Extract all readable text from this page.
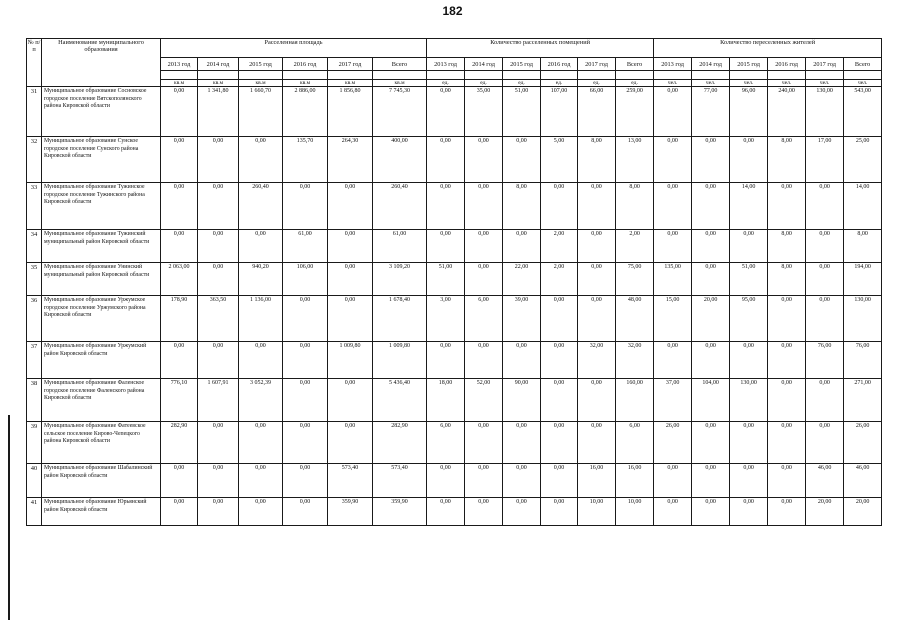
182
№ п/п	Наименование муниципального образования	Расселенная площадь						Количество расселенных помещений						Количество переселенных жителей					
		2013 год	2014 год	2015 год	2016 год	2017 год	Всего	2013 год	2014 год	2015 год	2016 год	2017 год	Всего	2013 год	2014 год	2015 год	2016 год	2017 год	Всего

		кв.м	кв.м	кв.м	кв.м	кв.м	кв.м	ед.	ед.	ед.	ед.	ед.	ед.	чел.	чел.	чел.	чел.	чел.	чел.
31	Муниципальное образование Сосновское городское поселение Вятскополянского района Кировской области	0,00	1 341,80	1 660,70	2 886,00	1 856,80	7 745,30	0,00	35,00	51,00	107,00	66,00	259,00	0,00	77,00	96,00	240,00	130,00	543,00
32	Муниципальное образование Сунское городское поселение Сунского района Кировской области	0,00	0,00	0,00	135,70	264,30	400,00	0,00	0,00	0,00	5,00	8,00	13,00	0,00	0,00	0,00	8,00	17,00	25,00
33	Муниципальное образование Тужинское городское поселение Тужинского района Кировской области	0,00	0,00	260,40	0,00	0,00	260,40	0,00	0,00	8,00	0,00	0,00	8,00	0,00	0,00	14,00	0,00	0,00	14,00
34	Муниципальное образование Тужинский муниципальный район Кировской области	0,00	0,00	0,00	61,00	0,00	61,00	0,00	0,00	0,00	2,00	0,00	2,00	0,00	0,00	0,00	8,00	0,00	8,00
35	Муниципальное образование Унинский муниципальный район Кировской области	2 063,00	0,00	940,20	106,00	0,00	3 109,20	51,00	0,00	22,00	2,00	0,00	75,00	135,00	0,00	51,00	8,00	0,00	194,00
36	Муниципальное образование Уржумское городское поселение Уржумского района Кировской области	178,90	363,50	1 136,00	0,00	0,00	1 678,40	3,00	6,00	39,00	0,00	0,00	48,00	15,00	20,00	95,00	0,00	0,00	130,00
37	Муниципальное образование Уржумский район Кировской области	0,00	0,00	0,00	0,00	1 009,80	1 009,80	0,00	0,00	0,00	0,00	32,00	32,00	0,00	0,00	0,00	0,00	76,00	76,00
38	Муниципальное образование Фаленское городское поселение Фаленского района Кировской области	776,10	1 607,91	3 052,39	0,00	0,00	5 436,40	18,00	52,00	90,00	0,00	0,00	160,00	37,00	104,00	130,00	0,00	0,00	271,00
39	Муниципальное образование Фатеевское сельское поселение Кирово-Чепецкого района Кировской области	282,90	0,00	0,00	0,00	0,00	282,90	6,00	0,00	0,00	0,00	0,00	6,00	26,00	0,00	0,00	0,00	0,00	26,00
40	Муниципальное образование Шабалинский район Кировской области	0,00	0,00	0,00	0,00	573,40	573,40	0,00	0,00	0,00	0,00	16,00	16,00	0,00	0,00	0,00	0,00	46,00	46,00
41	Муниципальное образование Юрьянский район Кировской области	0,00	0,00	0,00	0,00	359,90	359,90	0,00	0,00	0,00	0,00	10,00	10,00	0,00	0,00	0,00	0,00	20,00	20,00
